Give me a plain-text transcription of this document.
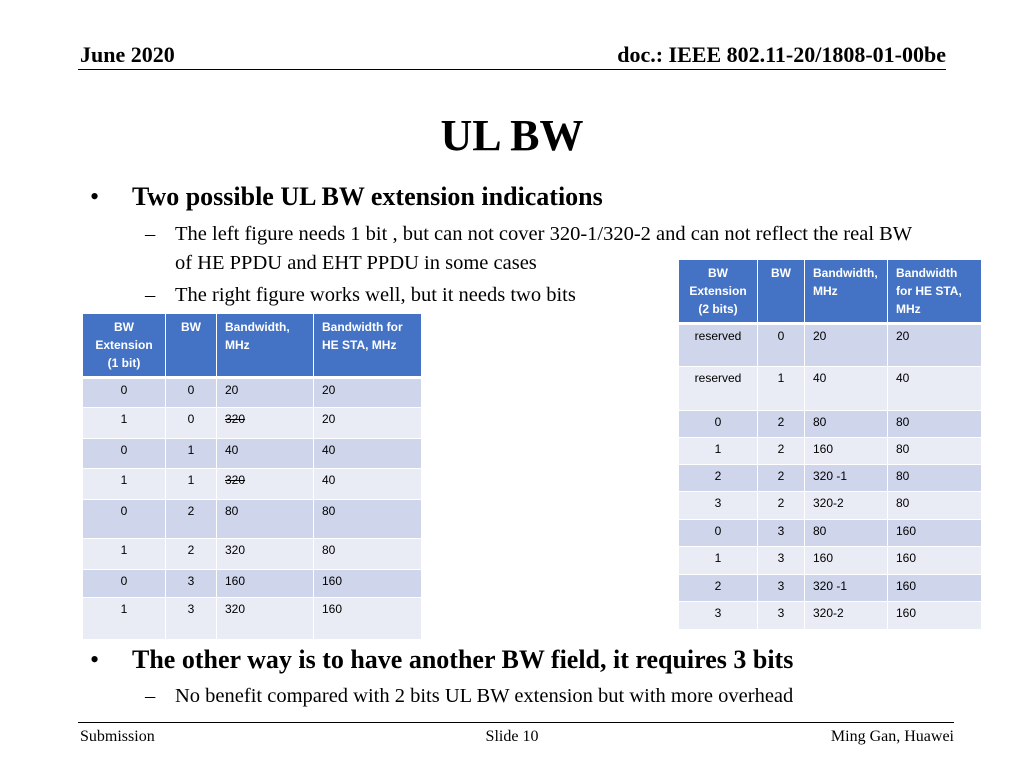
June 2020	doc.: IEEE 802.11-20/1808-01-00be
UL BW
• Two possible UL BW extension indications
– The left figure needs 1 bit , but can not cover 320-1/320-2 and can not reflect the real BW of HE PPDU and EHT PPDU in some cases
– The right figure works well, but it needs two bits
BW Extension (1 bit)	BW	Bandwidth, MHz	Bandwidth for HE STA, MHz
0	0	20	20
1	0	320	20
0	1	40	40
1	1	320	40
0	2	80	80
1	2	320	80
0	3	160	160
1	3	320	160
BW Extension (2 bits)	BW	Bandwidth, MHz	Bandwidth for HE STA, MHz
reserved	0	20	20
reserved	1	40	40
0	2	80	80
1	2	160	80
2	2	320 -1	80
3	2	320-2	80
0	3	80	160
1	3	160	160
2	3	320 -1	160
3	3	320-2	160
• The other way is to have another BW field, it requires 3 bits
– No benefit compared with 2 bits UL BW extension but with more overhead
Submission	Slide 10	Ming Gan, Huawei
